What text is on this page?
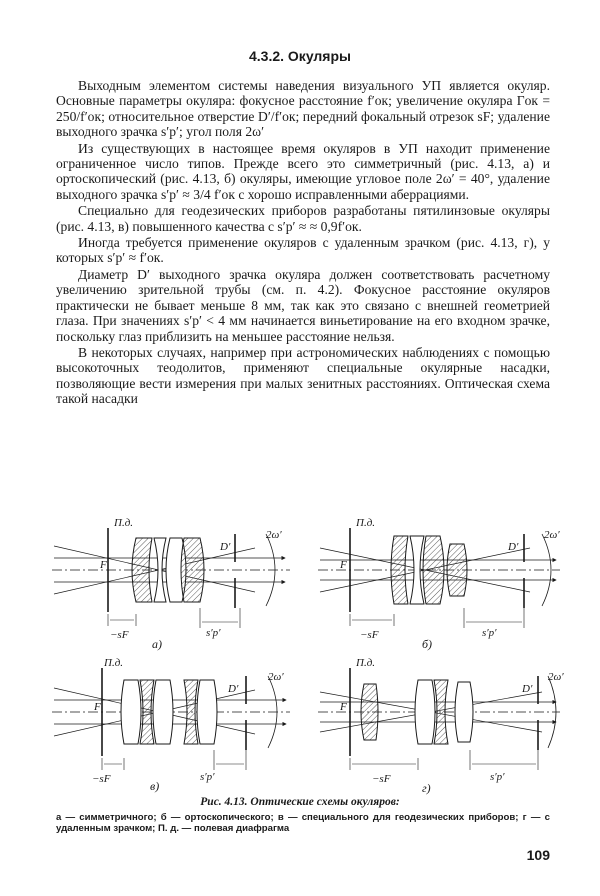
4.3.2. Окуляры

Выходным элементом системы наведения визуального УП является окуляр. Основные параметры окуляра: фокусное расстояние f′ок; увеличение окуляра Γок = 250/f′ок; относительное отверстие D′/f′ок; передний фокальный отрезок sF; удаление выходного зрачка s′p′; угол поля 2ω′

Из существующих в настоящее время окуляров в УП находит применение ограниченное число типов. Прежде всего это симметричный (рис. 4.13, а) и ортоскопический (рис. 4.13, б) окуляры, имеющие угловое поле 2ω′ = 40°, удаление выходного зрачка s′p′ ≈ 3/4 f′ок с хорошо исправленными аберрациями.

Специально для геодезических приборов разработаны пятилинзовые окуляры (рис. 4.13, в) повышенного качества с s′p′ ≈ ≈ 0,9f′ок.

Иногда требуется применение окуляров с удаленным зрачком (рис. 4.13, г), у которых s′p′ ≈ f′ок.

Диаметр D′ выходного зрачка окуляра должен соответствовать расчетному увеличению зрительной трубы (см. п. 4.2). Фокусное расстояние окуляров практически не бывает меньше 8 мм, так как это связано с внешней геометрией глаза. При значениях s′p′ < 4 мм начинается виньетирование на его входном зрачке, поскольку глаз приблизить на меньшее расстояние нельзя.

В некоторых случаях, например при астрономических наблюдениях с помощью высокоточных теодолитов, применяют специальные окулярные насадки, позволяющие вести измерения при малых зенитных расстояниях. Оптическая схема такой насадки

П.д.
F
D′
2ω′
−sF	s′p′
а)
П.д.
F
D′
2ω′
−sF	s′p′
б)
П.д.
F
D′
2ω′
−sF	s′p′
в)
П.д.
F
D′
2ω′
−sF	s′p′
г)
Рис. 4.13. Оптические схемы окуляров:
а — симметричного; б — ортоскопического; в — специального для геодезических приборов; г — с удаленным зрачком; П. д. — полевая диафрагма
109
